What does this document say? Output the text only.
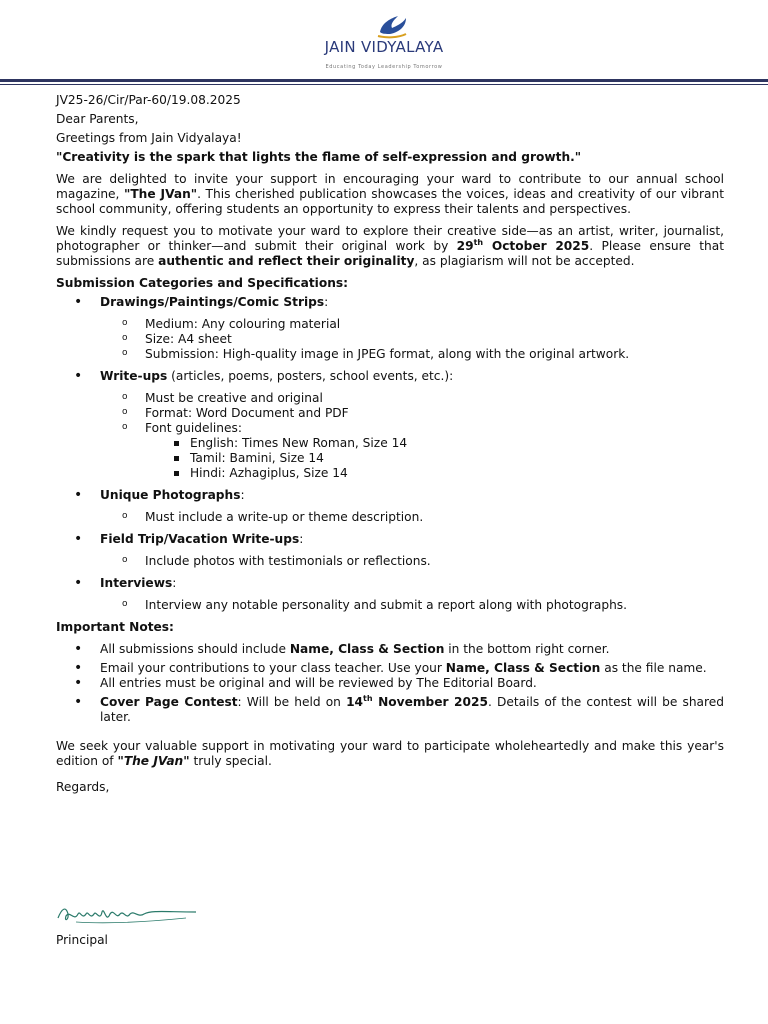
JAIN VIDYALAYA
Educating Today Leadership Tomorrow
JV25-26/Cir/Par-60/19.08.2025
Dear Parents,
Greetings from Jain Vidyalaya!
"Creativity is the spark that lights the flame of self-expression and growth."

We are delighted to invite your support in encouraging your ward to contribute to our annual school magazine, "The JVan". This cherished publication showcases the voices, ideas and creativity of our vibrant school community, offering students an opportunity to express their talents and perspectives.

We kindly request you to motivate your ward to explore their creative side—as an artist, writer, journalist, photographer or thinker—and submit their original work by 29th October 2025. Please ensure that submissions are authentic and reflect their originality, as plagiarism will not be accepted.

Submission Categories and Specifications:
• Drawings/Paintings/Comic Strips:
o Medium: Any colouring material
o Size: A4 sheet
o Submission: High-quality image in JPEG format, along with the original artwork.
• Write-ups (articles, poems, posters, school events, etc.):
o Must be creative and original
o Format: Word Document and PDF
o Font guidelines:
English: Times New Roman, Size 14
Tamil: Bamini, Size 14
Hindi: Azhagiplus, Size 14
• Unique Photographs:
o Must include a write-up or theme description.
• Field Trip/Vacation Write-ups:
o Include photos with testimonials or reflections.
• Interviews:
o Interview any notable personality and submit a report along with photographs.
Important Notes:
• All submissions should include Name, Class & Section in the bottom right corner.
• Email your contributions to your class teacher. Use your Name, Class & Section as the file name.
• All entries must be original and will be reviewed by The Editorial Board.
• Cover Page Contest: Will be held on 14th November 2025. Details of the contest will be shared later.

We seek your valuable support in motivating your ward to participate wholeheartedly and make this year's edition of "The JVan" truly special.

Regards,
Principal
